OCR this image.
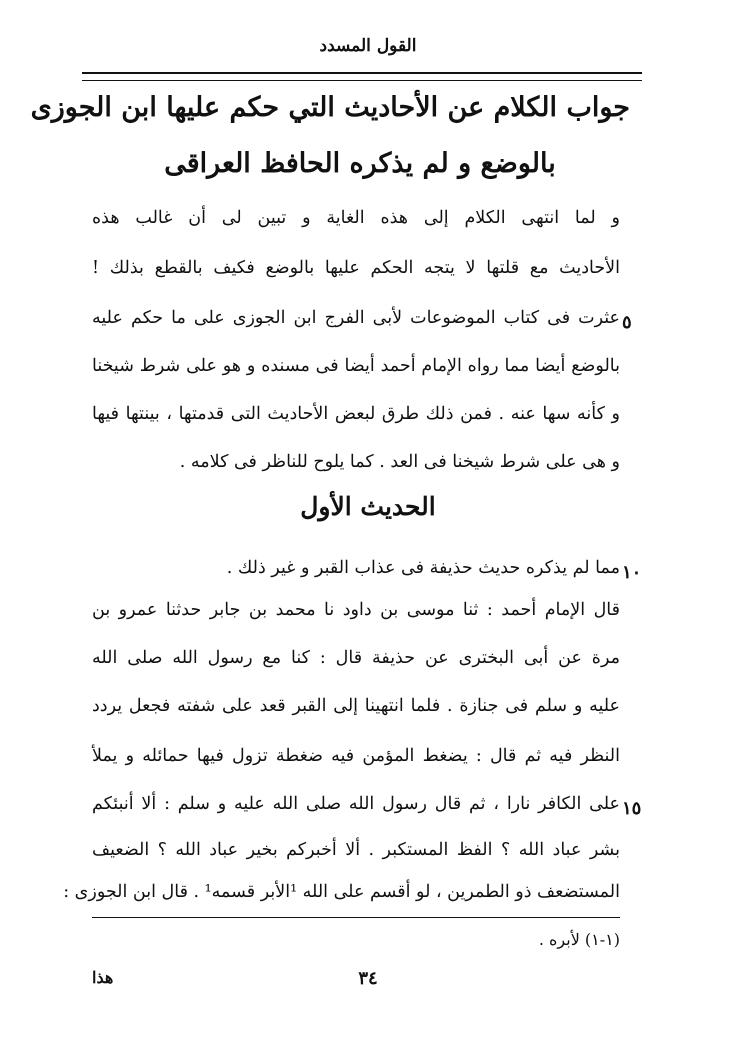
القول المسدد
جواب الكلام عن الأحاديث التي حكم عليها ابن الجوزى
بالوضع و لم يذكره الحافظ العراقى
و لما انتهى الكلام إلى هذه الغاية و تبين لى أن غالب هذه
الأحاديث مع قلتها لا يتجه الحكم عليها بالوضع فكيف بالقطع بذلك !
عثرت فى كتاب الموضوعات لأبى الفرج ابن الجوزى على ما حكم عليه
بالوضع أيضا مما رواه الإمام أحمد أيضا فى مسنده و هو على شرط شيخنا
و كأنه سها عنه . فمن ذلك طرق لبعض الأحاديث التى قدمتها ، بينتها فيها
و هى على شرط شيخنا فى العد . كما يلوح للناظر فى كلامه .
٥
الحديث الأول
مما لم يذكره حديث حذيفة فى عذاب القبر و غير ذلك .
قال الإمام أحمد : ثنا موسى بن داود نا محمد بن جابر حدثنا عمرو بن
مرة عن أبى البخترى عن حذيفة قال : كنا مع رسول الله صلى الله
عليه و سلم فى جنازة . فلما انتهينا إلى القبر قعد على شفته فجعل يردد
النظر فيه ثم قال : يضغط المؤمن فيه ضغطة تزول فيها حمائله و يملأ
على الكافر نارا ، ثم قال رسول الله صلى الله عليه و سلم : ألا أنبئكم
بشر عباد الله ؟ الفظ المستكبر . ألا أخبركم بخير عباد الله ؟ الضعيف
المستضعف ذو الطمرين ، لو أقسم على الله ¹الأبر قسمه¹ . قال ابن الجوزى :
١٠
١٥
(١-١) لأبره .
٣٤
هذا
